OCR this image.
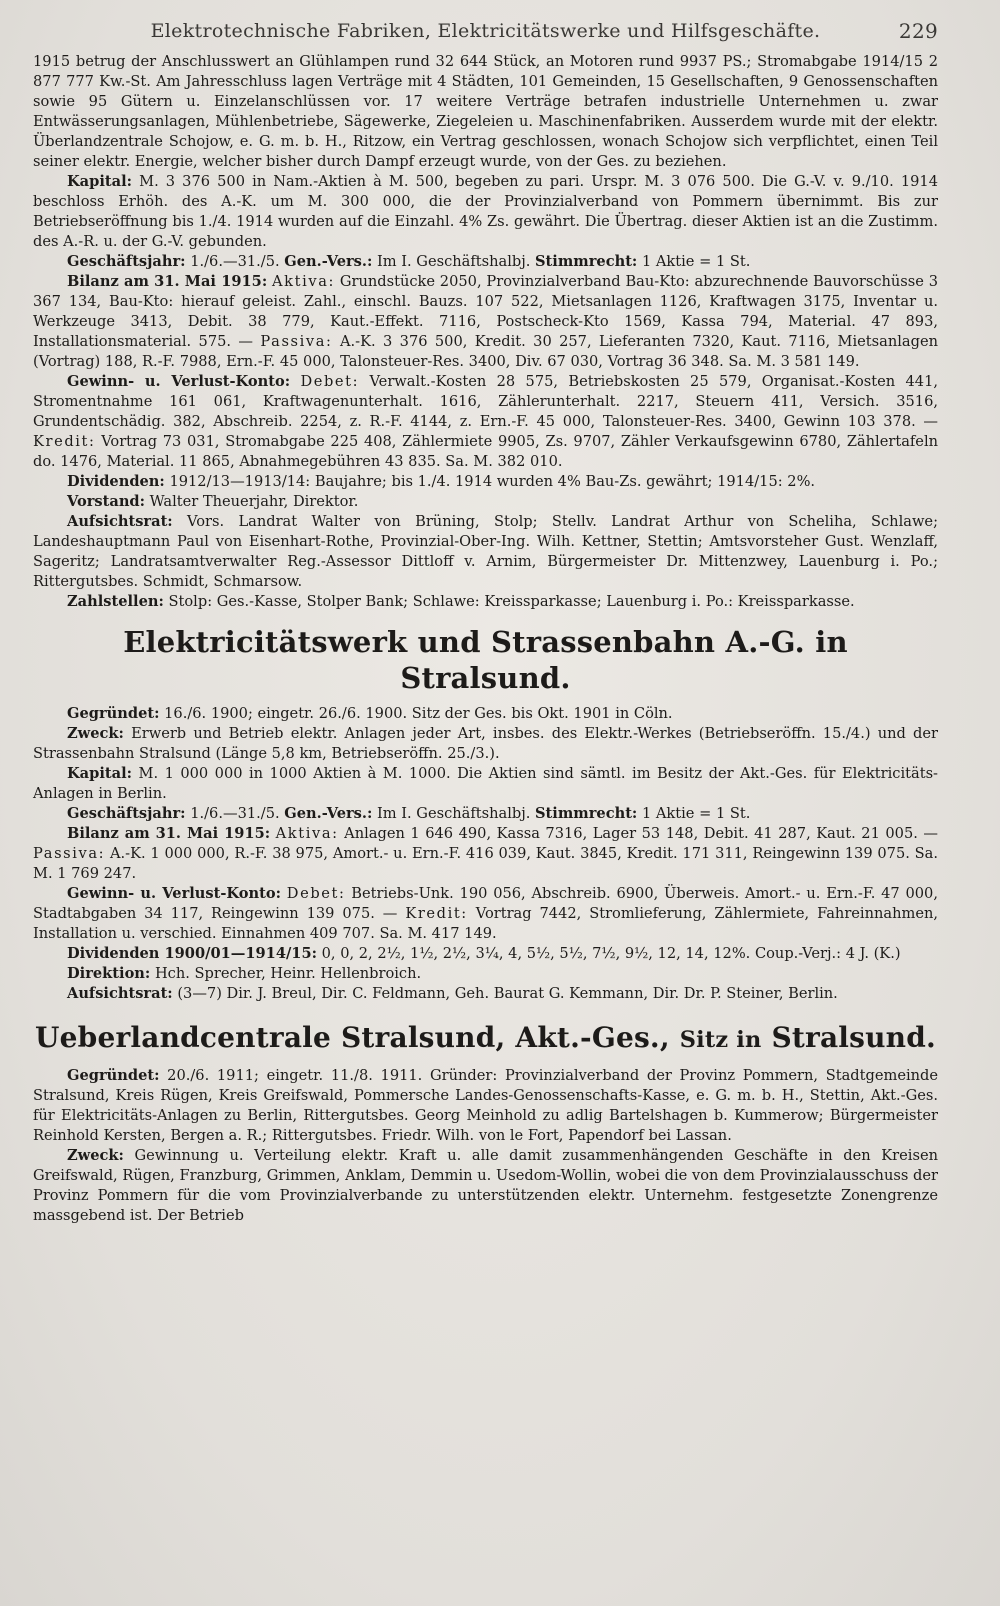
Elektrotechnische Fabriken, Elektricitätswerke und Hilfsgeschäfte.	229

1915 betrug der Anschlusswert an Glühlampen rund 32 644 Stück, an Motoren rund 9937 PS.; Stromabgabe 1914/15 2 877 777 Kw.-St. Am Jahresschluss lagen Verträge mit 4 Städten, 101 Gemeinden, 15 Gesellschaften, 9 Genossenschaften sowie 95 Gütern u. Einzelanschlüssen vor. 17 weitere Verträge betrafen industrielle Unternehmen u. zwar Entwässerungsanlagen, Mühlenbetriebe, Sägewerke, Ziegeleien u. Maschinenfabriken. Ausserdem wurde mit der elektr. Überlandzentrale Schojow, e. G. m. b. H., Ritzow, ein Vertrag geschlossen, wonach Schojow sich verpflichtet, einen Teil seiner elektr. Energie, welcher bisher durch Dampf erzeugt wurde, von der Ges. zu beziehen.

Kapital: M. 3 376 500 in Nam.-Aktien à M. 500, begeben zu pari. Urspr. M. 3 076 500. Die G.-V. v. 9./10. 1914 beschloss Erhöh. des A.-K. um M. 300 000, die der Provinzialverband von Pommern übernimmt. Bis zur Betriebseröffnung bis 1./4. 1914 wurden auf die Einzahl. 4% Zs. gewährt. Die Übertrag. dieser Aktien ist an die Zustimm. des A.-R. u. der G.-V. gebunden.

Geschäftsjahr: 1./6.—31./5. Gen.-Vers.: Im I. Geschäftshalbj. Stimmrecht: 1 Aktie = 1 St.

Bilanz am 31. Mai 1915: Aktiva: Grundstücke 2050, Provinzialverband Bau-Kto: abzurechnende Bauvorschüsse 3 367 134, Bau-Kto: hierauf geleist. Zahl., einschl. Bauzs. 107 522, Mietsanlagen 1126, Kraftwagen 3175, Inventar u. Werkzeuge 3413, Debit. 38 779, Kaut.-Effekt. 7116, Postscheck-Kto 1569, Kassa 794, Material. 47 893, Installationsmaterial. 575. — Passiva: A.-K. 3 376 500, Kredit. 30 257, Lieferanten 7320, Kaut. 7116, Mietsanlagen (Vortrag) 188, R.-F. 7988, Ern.-F. 45 000, Talonsteuer-Res. 3400, Div. 67 030, Vortrag 36 348. Sa. M. 3 581 149.

Gewinn- u. Verlust-Konto: Debet: Verwalt.-Kosten 28 575, Betriebskosten 25 579, Organisat.-Kosten 441, Stromentnahme 161 061, Kraftwagenunterhalt. 1616, Zählerunterhalt. 2217, Steuern 411, Versich. 3516, Grundentschädig. 382, Abschreib. 2254, z. R.-F. 4144, z. Ern.-F. 45 000, Talonsteuer-Res. 3400, Gewinn 103 378. — Kredit: Vortrag 73 031, Stromabgabe 225 408, Zählermiete 9905, Zs. 9707, Zähler Verkaufsgewinn 6780, Zählertafeln do. 1476, Material. 11 865, Abnahmegebühren 43 835. Sa. M. 382 010.

Dividenden: 1912/13—1913/14: Baujahre; bis 1./4. 1914 wurden 4% Bau-Zs. gewährt; 1914/15: 2%.

Vorstand: Walter Theuerjahr, Direktor.

Aufsichtsrat: Vors. Landrat Walter von Brüning, Stolp; Stellv. Landrat Arthur von Scheliha, Schlawe; Landeshauptmann Paul von Eisenhart-Rothe, Provinzial-Ober-Ing. Wilh. Kettner, Stettin; Amtsvorsteher Gust. Wenzlaff, Sageritz; Landratsamtverwalter Reg.-Assessor Dittloff v. Arnim, Bürgermeister Dr. Mittenzwey, Lauenburg i. Po.; Rittergutsbes. Schmidt, Schmarsow.

Zahlstellen: Stolp: Ges.-Kasse, Stolper Bank; Schlawe: Kreissparkasse; Lauenburg i. Po.: Kreissparkasse.

Elektricitätswerk und Strassenbahn A.-G. in Stralsund.

Gegründet: 16./6. 1900; eingetr. 26./6. 1900. Sitz der Ges. bis Okt. 1901 in Cöln.

Zweck: Erwerb und Betrieb elektr. Anlagen jeder Art, insbes. des Elektr.-Werkes (Betriebseröffn. 15./4.) und der Strassenbahn Stralsund (Länge 5,8 km, Betriebseröffn. 25./3.).

Kapital: M. 1 000 000 in 1000 Aktien à M. 1000. Die Aktien sind sämtl. im Besitz der Akt.-Ges. für Elektricitäts-Anlagen in Berlin.

Geschäftsjahr: 1./6.—31./5. Gen.-Vers.: Im I. Geschäftshalbj. Stimmrecht: 1 Aktie = 1 St.

Bilanz am 31. Mai 1915: Aktiva: Anlagen 1 646 490, Kassa 7316, Lager 53 148, Debit. 41 287, Kaut. 21 005. — Passiva: A.-K. 1 000 000, R.-F. 38 975, Amort.- u. Ern.-F. 416 039, Kaut. 3845, Kredit. 171 311, Reingewinn 139 075. Sa. M. 1 769 247.

Gewinn- u. Verlust-Konto: Debet: Betriebs-Unk. 190 056, Abschreib. 6900, Überweis. Amort.- u. Ern.-F. 47 000, Stadtabgaben 34 117, Reingewinn 139 075. — Kredit: Vortrag 7442, Stromlieferung, Zählermiete, Fahreinnahmen, Installation u. verschied. Einnahmen 409 707. Sa. M. 417 149.

Dividenden 1900/01—1914/15: 0, 0, 2, 2½, 1½, 2½, 3¼, 4, 5½, 5½, 7½, 9½, 12, 14, 12%. Coup.-Verj.: 4 J. (K.)

Direktion: Hch. Sprecher, Heinr. Hellenbroich.

Aufsichtsrat: (3—7) Dir. J. Breul, Dir. C. Feldmann, Geh. Baurat G. Kemmann, Dir. Dr. P. Steiner, Berlin.

Ueberlandcentrale Stralsund, Akt.-Ges., Sitz in Stralsund.

Gegründet: 20./6. 1911; eingetr. 11./8. 1911. Gründer: Provinzialverband der Provinz Pommern, Stadtgemeinde Stralsund, Kreis Rügen, Kreis Greifswald, Pommersche Landes-Genossenschafts-Kasse, e. G. m. b. H., Stettin, Akt.-Ges. für Elektricitäts-Anlagen zu Berlin, Rittergutsbes. Georg Meinhold zu adlig Bartelshagen b. Kummerow; Bürgermeister Reinhold Kersten, Bergen a. R.; Rittergutsbes. Friedr. Wilh. von le Fort, Papendorf bei Lassan.

Zweck: Gewinnung u. Verteilung elektr. Kraft u. alle damit zusammenhängenden Geschäfte in den Kreisen Greifswald, Rügen, Franzburg, Grimmen, Anklam, Demmin u. Usedom-Wollin, wobei die von dem Provinzialausschuss der Provinz Pommern für die vom Provinzialverbande zu unterstützenden elektr. Unternehm. festgesetzte Zonengrenze massgebend ist. Der Betrieb
